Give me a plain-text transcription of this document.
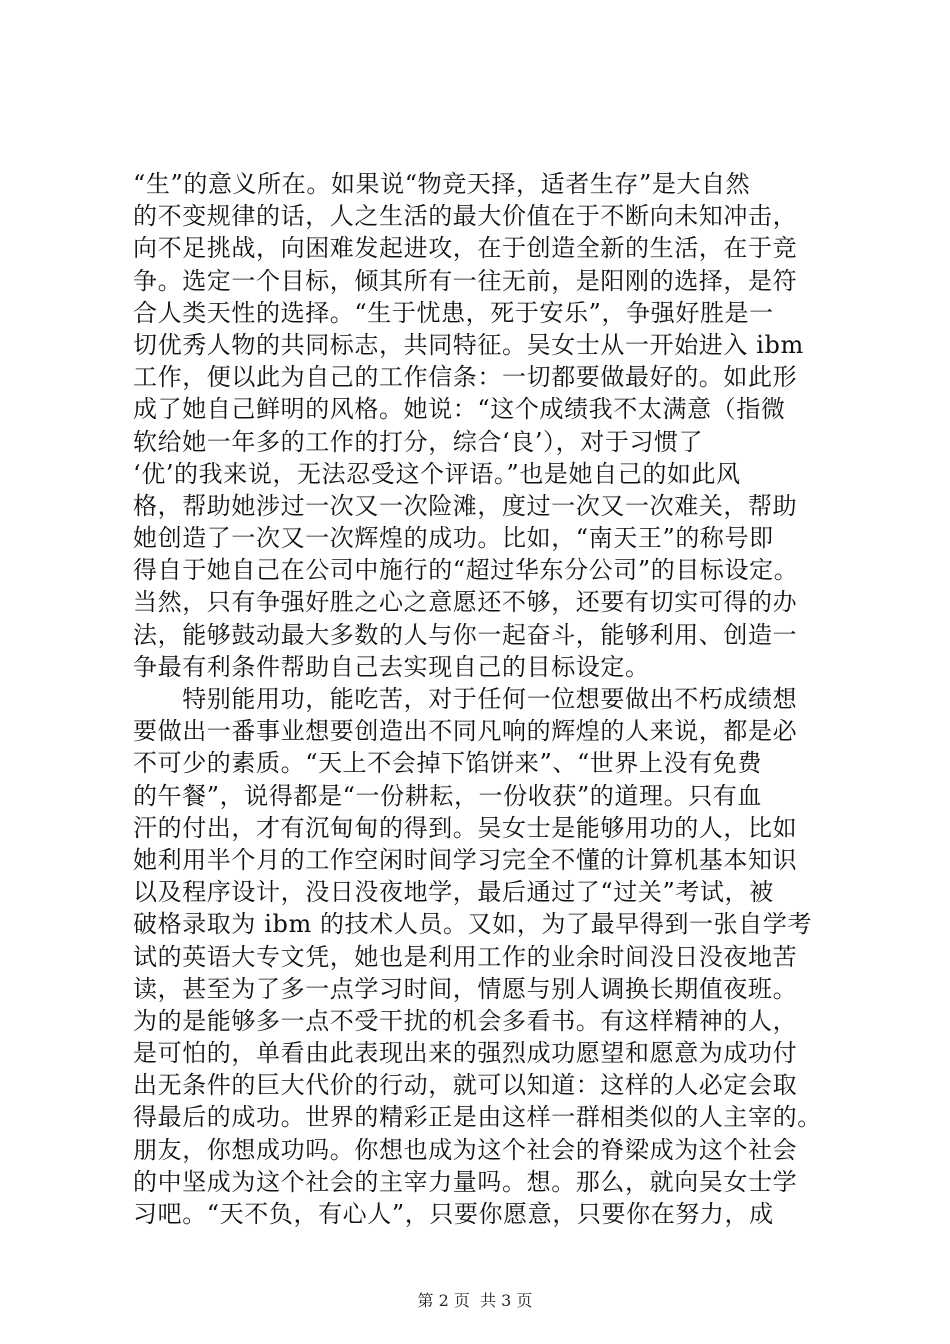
“生”的意义所在。如果说“物竞天择，适者生存”是大自然
的不变规律的话，人之生活的最大价值在于不断向未知冲击，
向不足挑战，向困难发起进攻，在于创造全新的生活，在于竞
争。选定一个目标，倾其所有一往无前，是阳刚的选择，是符
合人类天性的选择。“生于忧患，死于安乐”，争强好胜是一
切优秀人物的共同标志，共同特征。吴女士从一开始进入 ibm
工作，便以此为自己的工作信条：一切都要做最好的。如此形
成了她自己鲜明的风格。她说：“这个成绩我不太满意（指微
软给她一年多的工作的打分，综合‘良’），对于习惯了
‘优’的我来说，无法忍受这个评语。”也是她自己的如此风
格，帮助她涉过一次又一次险滩，度过一次又一次难关，帮助
她创造了一次又一次辉煌的成功。比如，“南天王”的称号即
得自于她自己在公司中施行的“超过华东分公司”的目标设定。
当然，只有争强好胜之心之意愿还不够，还要有切实可得的办
法，能够鼓动最大多数的人与你一起奋斗，能够利用、创造一
争最有利条件帮助自己去实现自己的目标设定。
　　特别能用功，能吃苦，对于任何一位想要做出不朽成绩想
要做出一番事业想要创造出不同凡响的辉煌的人来说，都是必
不可少的素质。“天上不会掉下馅饼来”、“世界上没有免费
的午餐”，说得都是“一份耕耘，一份收获”的道理。只有血
汗的付出，才有沉甸甸的得到。吴女士是能够用功的人，比如
她利用半个月的工作空闲时间学习完全不懂的计算机基本知识
以及程序设计，没日没夜地学，最后通过了“过关”考试，被
破格录取为 ibm 的技术人员。又如，为了最早得到一张自学考
试的英语大专文凭，她也是利用工作的业余时间没日没夜地苦
读，甚至为了多一点学习时间，情愿与别人调换长期值夜班。
为的是能够多一点不受干扰的机会多看书。有这样精神的人，
是可怕的，单看由此表现出来的强烈成功愿望和愿意为成功付
出无条件的巨大代价的行动，就可以知道：这样的人必定会取
得最后的成功。世界的精彩正是由这样一群相类似的人主宰的。
朋友，你想成功吗。你想也成为这个社会的脊梁成为这个社会
的中坚成为这个社会的主宰力量吗。想。那么，就向吴女士学
习吧。“天不负，有心人”，只要你愿意，只要你在努力，成
第 2 页  共 3 页
